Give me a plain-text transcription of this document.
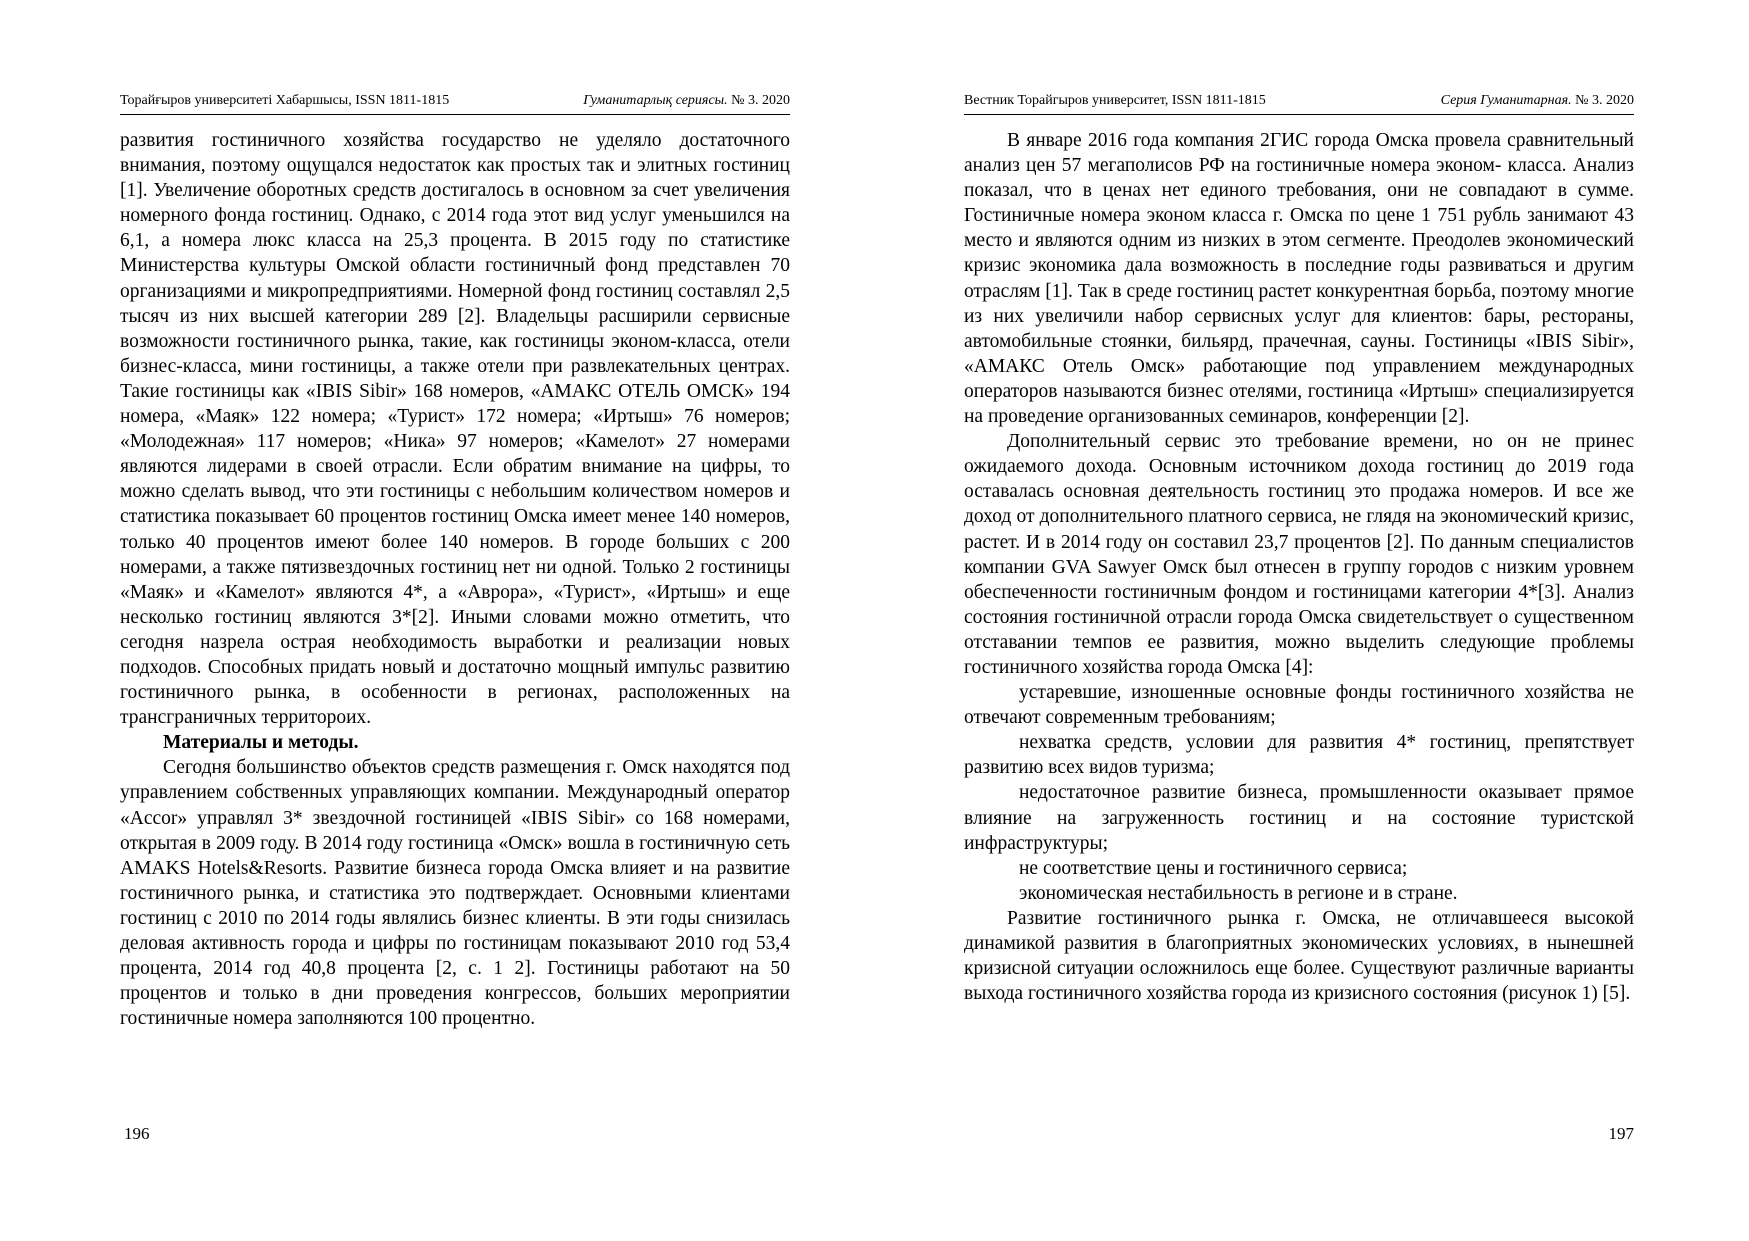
Торайғыров университеті Хабаршысы, ISSN 1811-1815	Гуманитарлық сериясы. № 3. 2020

развития гостиничного хозяйства государство не уделяло достаточного внимания, поэтому ощущался недостаток как простых так и элитных гостиниц [1]. Увеличение оборотных средств достигалось в основном за счет увеличения номерного фонда гостиниц. Однако, с 2014 года этот вид услуг уменьшился на 6,1, а номера люкс класса на 25,3 процента. В 2015 году по статистике Министерства культуры Омской области гостиничный фонд представлен 70 организациями и микропредприятиями. Номерной фонд гостиниц составлял 2,5 тысяч из них высшей категории 289 [2]. Владельцы расширили сервисные возможности гостиничного рынка, такие, как гостиницы эконом-класса, отели бизнес-класса, мини гостиницы, а также отели при развлекательных центрах. Такие гостиницы как «IBIS Sibir» 168 номеров, «АМАКС ОТЕЛЬ ОМСК» 194 номера, «Маяк» 122 номера; «Турист» 172 номера; «Иртыш» 76 номеров; «Молодежная» 117 номеров; «Ника» 97 номеров; «Камелот» 27 номерами являются лидерами в своей отрасли. Если обратим внимание на цифры, то можно сделать вывод, что эти гостиницы с небольшим количеством номеров и статистика показывает 60 процентов гостиниц Омска имеет менее 140 номеров, только 40 процентов имеют более 140 номеров. В городе больших с 200 номерами, а также пятизвездочных гостиниц нет ни одной. Только 2 гостиницы «Маяк» и «Камелот» являются 4*, а «Аврора», «Турист», «Иртыш» и еще несколько гостиниц являются 3*[2]. Иными словами можно отметить, что сегодня назрела острая необходимость выработки и реализации новых подходов. Способных придать новый и достаточно мощный импульс развитию гостиничного рынка, в особенности в регионах, расположенных на трансграничных территороих.

Материалы и методы.

Сегодня большинство объектов средств размещения г. Омск находятся под управлением собственных управляющих компании. Международный оператор «Accor» управлял 3* звездочной гостиницей «IBIS Sibir» со 168 номерами, открытая в 2009 году. В 2014 году гостиница «Омск» вошла в гостиничную сеть AMAKS Hotels&Resorts. Развитие бизнеса города Омска влияет и на развитие гостиничного рынка, и статистика это подтверждает. Основными клиентами гостиниц с 2010 по 2014 годы являлись бизнес клиенты. В эти годы снизилась деловая активность города и цифры по гостиницам показывают 2010 год 53,4 процента, 2014 год 40,8 процента [2, с. 1 2]. Гостиницы работают на 50 процентов и только в дни проведения конгрессов, больших мероприятии гостиничные номера заполняются 100 процентно.

196
Вестник Торайгыров университет, ISSN 1811-1815	Серия Гуманитарная. № 3. 2020

В январе 2016 года компания 2ГИС города Омска провела сравнительный анализ цен 57 мегаполисов РФ на гостиничные номера эконом- класса. Анализ показал, что в ценах нет единого требования, они не совпадают в сумме. Гостиничные номера эконом класса г. Омска по цене 1 751 рубль занимают 43 место и являются одним из низких в этом сегменте. Преодолев экономический кризис экономика дала возможность в последние годы развиваться и другим отраслям [1]. Так в среде гостиниц растет конкурентная борьба, поэтому многие из них увеличили набор сервисных услуг для клиентов: бары, рестораны, автомобильные стоянки, бильярд, прачечная, сауны. Гостиницы «IBIS Sibir», «АМАКС Отель Омск» работающие под управлением международных операторов называются бизнес отелями, гостиница «Иртыш» специализируется на проведение организованных семинаров, конференции [2].

Дополнительный сервис это требование времени, но он не принес ожидаемого дохода. Основным источником дохода гостиниц до 2019 года оставалась основная деятельность гостиниц это продажа номеров. И все же доход от дополнительного платного сервиса, не глядя на экономический кризис, растет. И в 2014 году он составил 23,7 процентов [2]. По данным специалистов компании GVA Sawyer Омск был отнесен в группу городов с низким уровнем обеспеченности гостиничным фондом и гостиницами категории 4*[3]. Анализ состояния гостиничной отрасли города Омска свидетельствует о существенном отставании темпов ее развития, можно выделить следующие проблемы гостиничного хозяйства города Омска [4]:

устаревшие, изношенные основные фонды гостиничного хозяйства не отвечают современным требованиям;

нехватка средств, условии для развития 4* гостиниц, препятствует развитию всех видов туризма;

недостаточное развитие бизнеса, промышленности оказывает прямое влияние на загруженность гостиниц и на состояние туристской инфраструктуры;

не соответствие цены и гостиничного сервиса;

экономическая нестабильность в регионе и в стране.

Развитие гостиничного рынка г. Омска, не отличавшееся высокой динамикой развития в благоприятных экономических условиях, в нынешней кризисной ситуации осложнилось еще более. Существуют различные варианты выхода гостиничного хозяйства города из кризисного состояния (рисунок 1) [5].

197
